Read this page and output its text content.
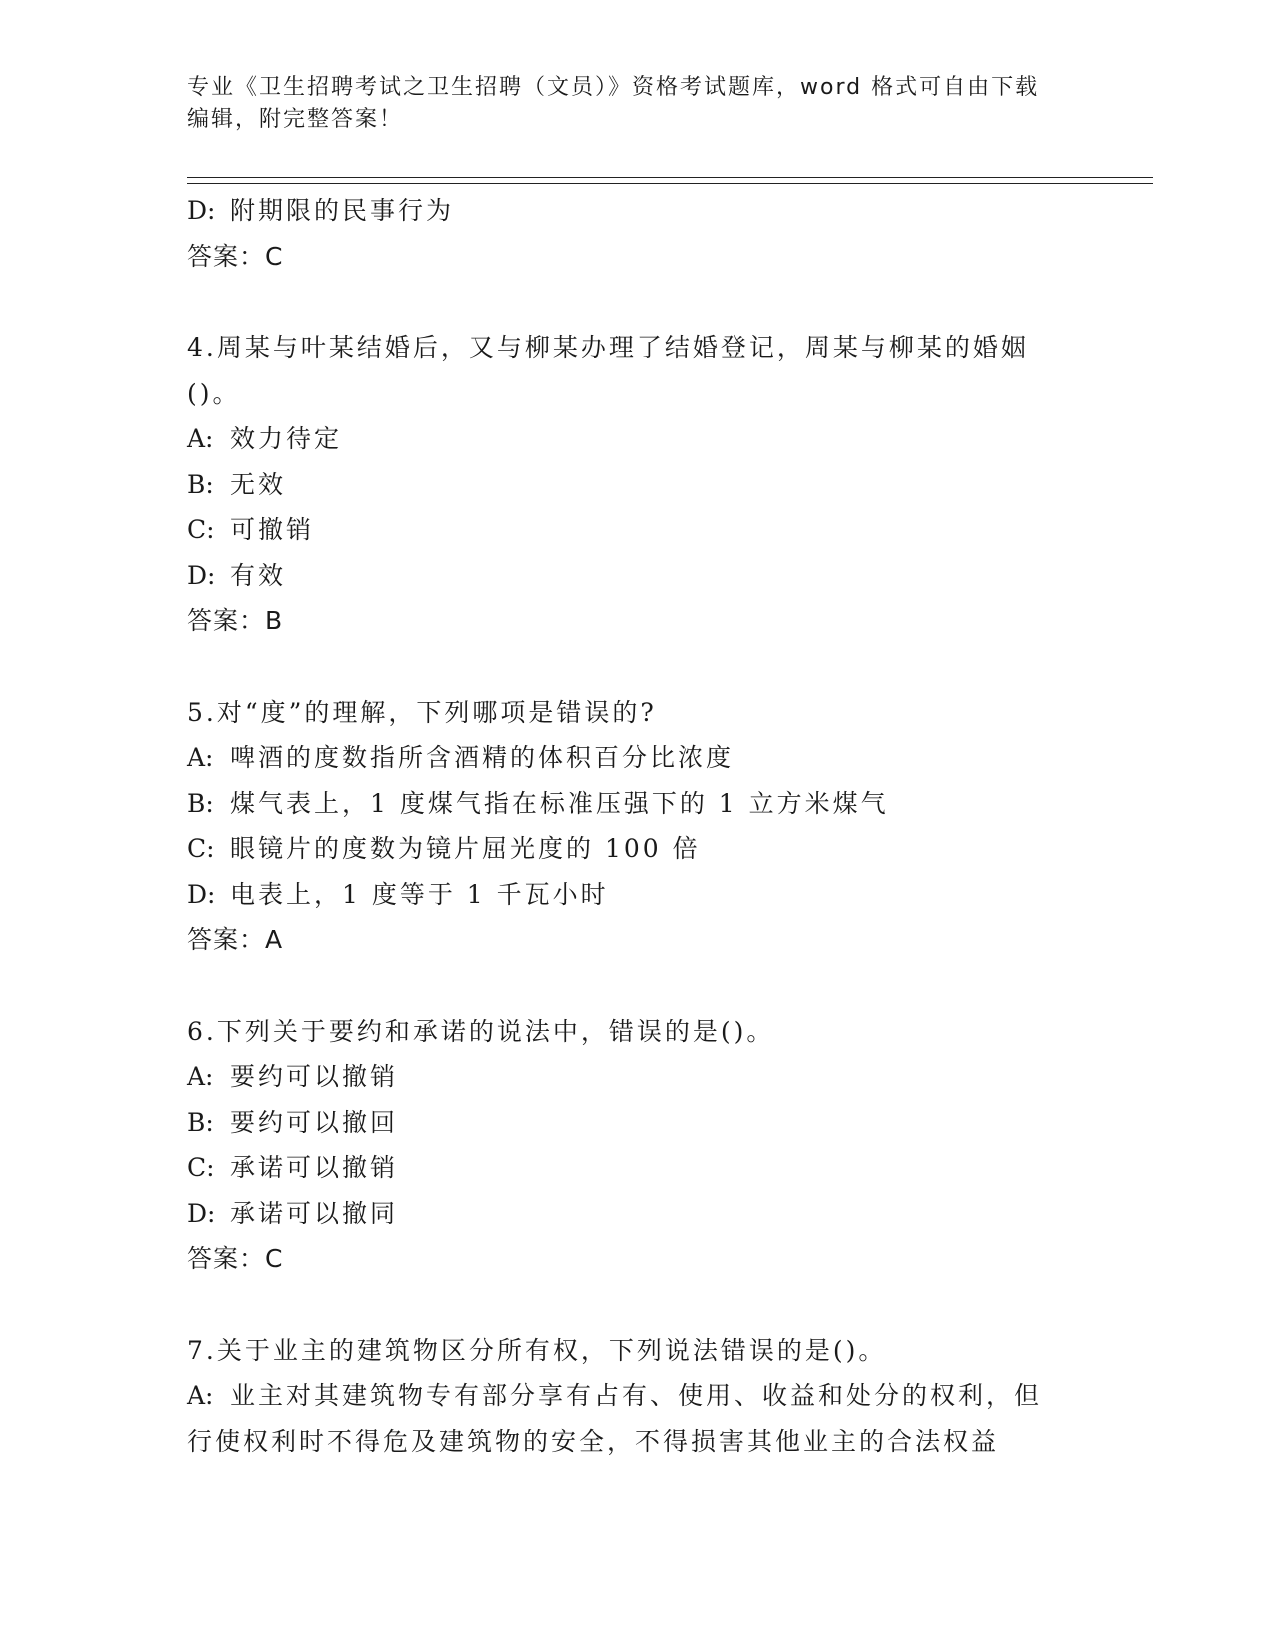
专业《卫生招聘考试之卫生招聘（文员）》资格考试题库，word 格式可自由下载
编辑，附完整答案！
D: 附期限的民事行为
答案：C
4.周某与叶某结婚后，又与柳某办理了结婚登记，周某与柳某的婚姻
()。
A: 效力待定
B: 无效
C: 可撤销
D: 有效
答案：B
5.对“度”的理解，下列哪项是错误的?
A: 啤酒的度数指所含酒精的体积百分比浓度
B: 煤气表上，1 度煤气指在标准压强下的 1 立方米煤气
C: 眼镜片的度数为镜片屈光度的 100 倍
D: 电表上，1 度等于 1 千瓦小时
答案：A
6.下列关于要约和承诺的说法中，错误的是()。
A: 要约可以撤销
B: 要约可以撤回
C: 承诺可以撤销
D: 承诺可以撤同
答案：C
7.关于业主的建筑物区分所有权，下列说法错误的是()。
A: 业主对其建筑物专有部分享有占有、使用、收益和处分的权利，但
行使权利时不得危及建筑物的安全，不得损害其他业主的合法权益
